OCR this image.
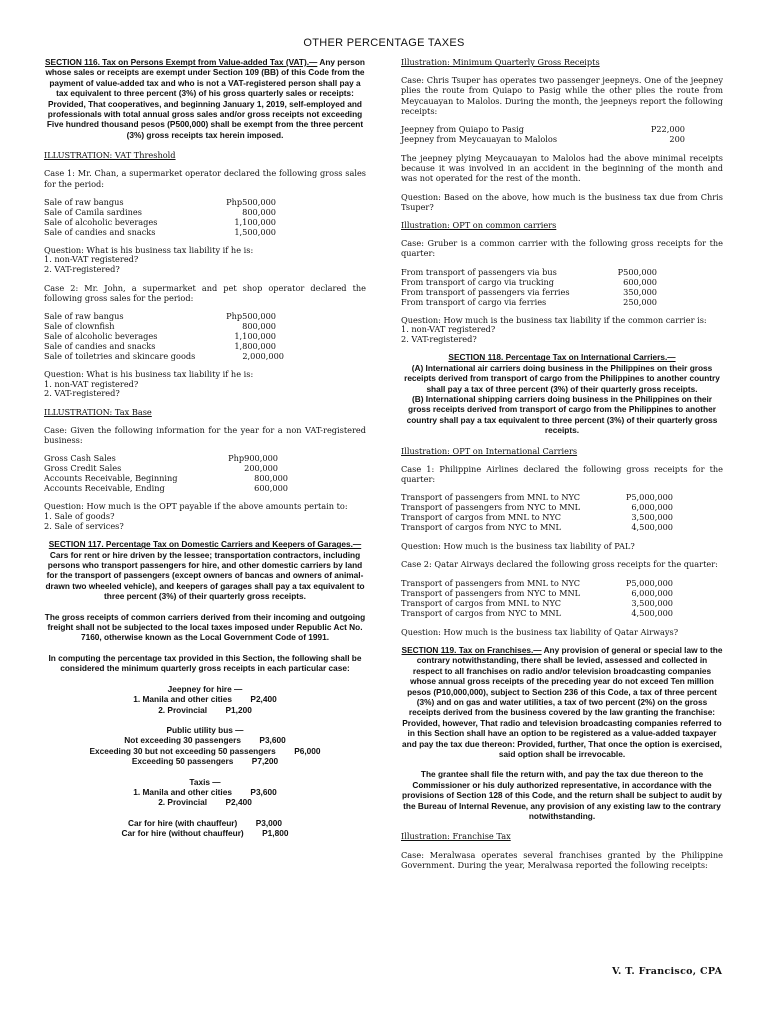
OTHER PERCENTAGE TAXES
SECTION 116. Tax on Persons Exempt from Value-added Tax (VAT).— Any person whose sales or receipts are exempt under Section 109 (BB) of this Code from the payment of value-added tax and who is not a VAT-registered person shall pay a tax equivalent to three percent (3%) of his gross quarterly sales or receipts: Provided, That cooperatives, and beginning January 1, 2019, self-employed and professionals with total annual gross sales and/or gross receipts not exceeding Five hundred thousand pesos (P500,000) shall be exempt from the three percent (3%) gross receipts tax herein imposed.
ILLUSTRATION: VAT Threshold
Case 1: Mr. Chan, a supermarket operator declared the following gross sales for the period:
Sale of raw bangus	Php500,000
Sale of Camila sardines	800,000
Sale of alcoholic beverages	1,100,000
Sale of candies and snacks	1,500,000
Question: What is his business tax liability if he is:
1. non-VAT registered?
2. VAT-registered?
Case 2: Mr. John, a supermarket and pet shop operator declared the following gross sales for the period:
Sale of raw bangus	Php500,000
Sale of clownfish	800,000
Sale of alcoholic beverages	1,100,000
Sale of candies and snacks	1,800,000
Sale of toiletries and skincare goods	2,000,000
Question: What is his business tax liability if he is:
1. non-VAT registered?
2. VAT-registered?
ILLUSTRATION: Tax Base
Case: Given the following information for the year for a non VAT-registered business:
Gross Cash Sales	Php900,000
Gross Credit Sales	200,000
Accounts Receivable, Beginning	800,000
Accounts Receivable, Ending	600,000
Question: How much is the OPT payable if the above amounts pertain to:
1. Sale of goods?
2. Sale of services?
SECTION 117. Percentage Tax on Domestic Carriers and Keepers of Garages.— Cars for rent or hire driven by the lessee; transportation contractors, including persons who transport passengers for hire, and other domestic carriers by land for the transport of passengers (except owners of bancas and owners of animal-drawn two wheeled vehicle), and keepers of garages shall pay a tax equivalent to three percent (3%) of their quarterly gross receipts.
The gross receipts of common carriers derived from their incoming and outgoing freight shall not be subjected to the local taxes imposed under Republic Act No. 7160, otherwise known as the Local Government Code of 1991.
In computing the percentage tax provided in this Section, the following shall be considered the minimum quarterly gross receipts in each particular case:
Jeepney for hire —
1. Manila and other cities        P2,400
2. Provincial        P1,200
Public utility bus —
Not exceeding 30 passengers        P3,600
Exceeding 30 but not exceeding 50 passengers        P6,000
Exceeding 50 passengers        P7,200
Taxis —
1. Manila and other cities        P3,600
2. Provincial        P2,400
Car for hire (with chauffeur)        P3,000
Car for hire (without chauffeur)        P1,800
Illustration: Minimum Quarterly Gross Receipts
Case: Chris Tsuper has operates two passenger jeepneys. One of the jeepney plies the route from Quiapo to Pasig while the other plies the route from Meycauayan to Malolos. During the month, the jeepneys report the following receipts:
Jeepney from Quiapo to Pasig	P22,000
Jeepney from Meycauayan to Malolos	200
The jeepney plying Meycauayan to Malolos had the above minimal receipts because it was involved in an accident in the beginning of the month and was not operated for the rest of the month.
Question: Based on the above, how much is the business tax due from Chris Tsuper?
Illustration: OPT on common carriers
Case: Gruber is a common carrier with the following gross receipts for the quarter:
From transport of passengers via bus	P500,000
From transport of cargo via trucking	600,000
From transport of passengers via ferries	350,000
From transport of cargo via ferries	250,000
Question: How much is the business tax liability if the common carrier is:
1. non-VAT registered?
2. VAT-registered?
SECTION 118. Percentage Tax on International Carriers.—
(A) International air carriers doing business in the Philippines on their gross receipts derived from transport of cargo from the Philippines to another country shall pay a tax of three percent (3%) of their quarterly gross receipts.
(B) International shipping carriers doing business in the Philippines on their gross receipts derived from transport of cargo from the Philippines to another country shall pay a tax equivalent to three percent (3%) of their quarterly gross receipts.
Illustration: OPT on International Carriers
Case 1: Philippine Airlines declared the following gross receipts for the quarter:
Transport of passengers from MNL to NYC	P5,000,000
Transport of passengers from NYC to MNL	6,000,000
Transport of cargos from MNL to NYC	3,500,000
Transport of cargos from NYC to MNL	4,500,000
Question: How much is the business tax liability of PAL?
Case 2: Qatar Airways declared the following gross receipts for the quarter:
Transport of passengers from MNL to NYC	P5,000,000
Transport of passengers from NYC to MNL	6,000,000
Transport of cargos from MNL to NYC	3,500,000
Transport of cargos from NYC to MNL	4,500,000
Question: How much is the business tax liability of Qatar Airways?
SECTION 119. Tax on Franchises.— Any provision of general or special law to the contrary notwithstanding, there shall be levied, assessed and collected in respect to all franchises on radio and/or television broadcasting companies whose annual gross receipts of the preceding year do not exceed Ten million pesos (P10,000,000), subject to Section 236 of this Code, a tax of three percent (3%) and on gas and water utilities, a tax of two percent (2%) on the gross receipts derived from the business covered by the law granting the franchise: Provided, however, That radio and television broadcasting companies referred to in this Section shall have an option to be registered as a value-added taxpayer and pay the tax due thereon: Provided, further, That once the option is exercised, said option shall be irrevocable.
The grantee shall file the return with, and pay the tax due thereon to the Commissioner or his duly authorized representative, in accordance with the provisions of Section 128 of this Code, and the return shall be subject to audit by the Bureau of Internal Revenue, any provision of any existing law to the contrary notwithstanding.
Illustration: Franchise Tax
Case: Meralwasa operates several franchises granted by the Philippine Government. During the year, Meralwasa reported the following receipts:
V. T. Francisco, CPA
